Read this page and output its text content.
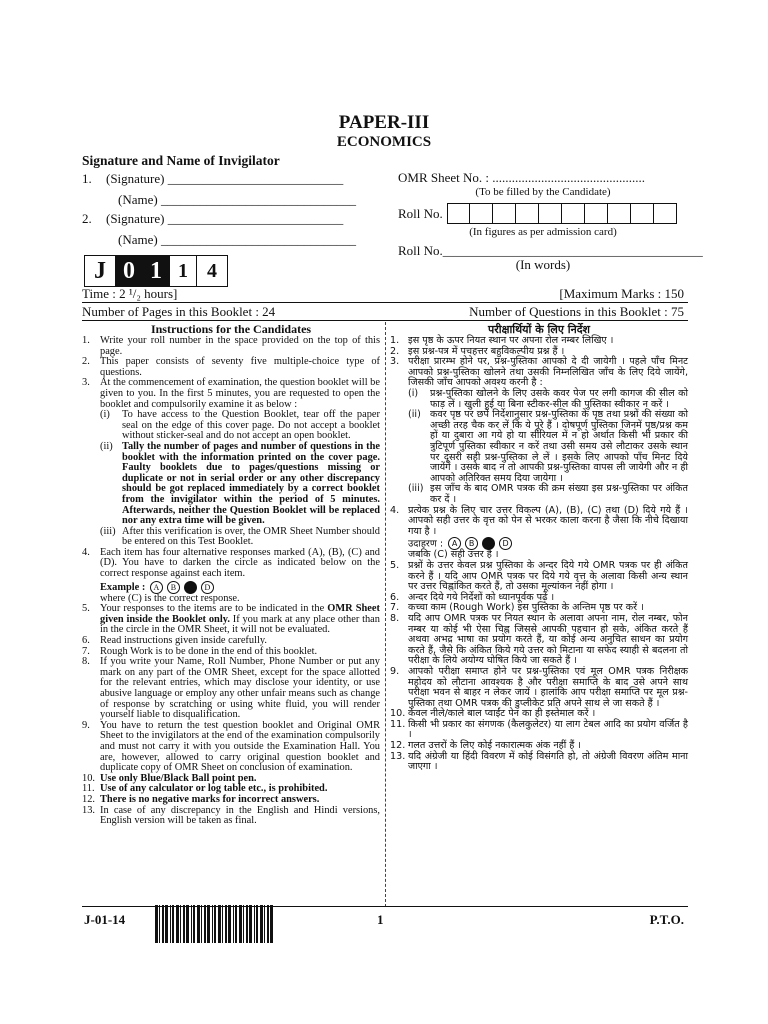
PAPER-III
ECONOMICS
Signature and Name of Invigilator
1. (Signature) ___________________________
(Name) ______________________________
2. (Signature) ___________________________
(Name) ______________________________
OMR Sheet No. : ...............................................
(To be filled by the Candidate)
Roll No.
(In figures as per admission card)
Roll No.________________________________________
(In words)
J 0 1 1 4
Time : 2 ¹/₂ hours]	[Maximum Marks : 150
Number of Pages in this Booklet : 24	Number of Questions in this Booklet : 75
Instructions for the Candidates
1. Write your roll number in the space provided on the top of this page.
2. This paper consists of seventy five multiple-choice type of questions.
3. At the commencement of examination, the question booklet will be given to you. In the first 5 minutes, you are requested to open the booklet and compulsorily examine it as below :
(i)	To have access to the Question Booklet, tear off the paper seal on the edge of this cover page. Do not accept a booklet without sticker-seal and do not accept an open booklet.
(ii) Tally the number of pages and number of questions in the booklet with the information printed on the cover page. Faulty booklets due to pages/questions missing or duplicate or not in serial order or any other discrepancy should be got replaced immediately by a correct booklet from the invigilator within the period of 5 minutes. Afterwards, neither the Question Booklet will be replaced nor any extra time will be given.
(iii) After this verification is over, the OMR Sheet Number should be entered on this Test Booklet.
4. Each item has four alternative responses marked (A), (B), (C) and (D). You have to darken the circle as indicated below on the correct response against each item.
Example : A B C D
where (C) is the correct response.
5. Your responses to the items are to be indicated in the OMR Sheet given inside the Booklet only. If you mark at any place other than in the circle in the OMR Sheet, it will not be evaluated.
6. Read instructions given inside carefully.
7. Rough Work is to be done in the end of this booklet.
8. If you write your Name, Roll Number, Phone Number or put any mark on any part of the OMR Sheet, except for the space allotted for the relevant entries, which may disclose your identity, or use abusive language or employ any other unfair means such as change of response by scratching or using white fluid, you will render yourself liable to disqualification.
9. You have to return the test question booklet and Original OMR Sheet to the invigilators at the end of the examination compulsorily and must not carry it with you outside the Examination Hall. You are, however, allowed to carry original question booklet and duplicate copy of OMR Sheet on conclusion of examination.
10. Use only Blue/Black Ball point pen.
11. Use of any calculator or log table etc., is prohibited.
12. There is no negative marks for incorrect answers.
13. In case of any discrepancy in the English and Hindi versions, English version will be taken as final.
परीक्षार्थियों के लिए निर्देश
1. इस पृष्ठ के ऊपर नियत स्थान पर अपना रोल नम्बर लिखिए ।
2. इस प्रश्न-पत्र में पचहत्तर बहुविकल्पीय प्रश्न हैं ।
3. परीक्षा प्रारम्भ होने पर, प्रश्न-पुस्तिका आपको दे दी जायेगी । पहले पाँच मिनट आपको प्रश्न-पुस्तिका खोलने तथा उसकी निम्नलिखित जाँच के लिए दिये जायेंगे, जिसकी जाँच आपको अवश्य करनी है :
(i)	प्रश्न-पुस्तिका खोलने के लिए उसके कवर पेज पर लगी कागज की सील को फाड़ लें । खुली हुई या बिना स्टीकर-सील की पुस्तिका स्वीकार न करें ।
(ii) कवर पृष्ठ पर छपे निर्देशानुसार प्रश्न-पुस्तिका के पृष्ठ तथा प्रश्नों की संख्या को अच्छी तरह चैक कर लें कि ये पूरे हैं । दोषपूर्ण पुस्तिका जिनमें पृष्ठ/प्रश्न कम हों या दुबारा आ गये हो या सीरियल में न हो अर्थात किसी भी प्रकार की त्रुटिपूर्ण पुस्तिका स्वीकार न करें तथा उसी समय उसे लौटाकर उसके स्थान पर दूसरी सही प्रश्न-पुस्तिका ले लें । इसके लिए आपको पाँच मिनट दिये जायेंगे । उसके बाद न तो आपकी प्रश्न-पुस्तिका वापस ली जायेगी और न ही आपको अतिरिक्त समय दिया जायेगा ।
(iii) इस जाँच के बाद OMR पत्रक की क्रम संख्या इस प्रश्न-पुस्तिका पर अंकित कर दें ।
4. प्रत्येक प्रश्न के लिए चार उत्तर विकल्प (A), (B), (C) तथा (D) दिये गये हैं । आपको सही उत्तर के वृत्त को पेन से भरकर काला करना है जैसा कि नीचे दिखाया गया है ।
उदाहरण : A B C D
जबकि (C) सही उत्तर है ।
5. प्रश्नों के उत्तर केवल प्रश्न पुस्तिका के अन्दर दिये गये OMR पत्रक पर ही अंकित करने हैं । यदि आप OMR पत्रक पर दिये गये वृत्त के अलावा किसी अन्य स्थान पर उत्तर चिह्नांकित करते हैं, तो उसका मूल्यांकन नहीं होगा ।
6. अन्दर दिये गये निर्देशों को ध्यानपूर्वक पढ़ें ।
7. कच्चा काम (Rough Work) इस पुस्तिका के अन्तिम पृष्ठ पर करें ।
8. यदि आप OMR पत्रक पर नियत स्थान के अलावा अपना नाम, रोल नम्बर, फोन नम्बर या कोई भी ऐसा चिह्न जिससे आपकी पहचान हो सके, अंकित करते हैं अथवा अभद्र भाषा का प्रयोग करते हैं, या कोई अन्य अनुचित साधन का प्रयोग करते हैं, जैसे कि अंकित किये गये उत्तर को मिटाना या सफेद स्याही से बदलना तो परीक्षा के लिये अयोग्य घोषित किये जा सकते हैं ।
9. आपको परीक्षा समाप्त होने पर प्रश्न-पुस्तिका एवं मूल OMR पत्रक निरीक्षक महोदय को लौटाना आवश्यक है और परीक्षा समाप्ति के बाद उसे अपने साथ परीक्षा भवन से बाहर न लेकर जायें । हालांकि आप परीक्षा समाप्ति पर मूल प्रश्न-पुस्तिका तथा OMR पत्रक की डुप्लीकेट प्रति अपने साथ ले जा सकते हैं ।
10. केवल नीले/काले बाल प्वाईंट पेन का ही इस्तेमाल करें ।
11. किसी भी प्रकार का संगणक (कैलकुलेटर) या लाग टेबल आदि का प्रयोग वर्जित है ।
12. गलत उत्तरों के लिए कोई नकारात्मक अंक नहीं हैं ।
13. यदि अंग्रेजी या हिंदी विवरण में कोई विसंगति हो, तो अंग्रेजी विवरण अंतिम माना जाएगा ।
J-01-14	1	P.T.O.
